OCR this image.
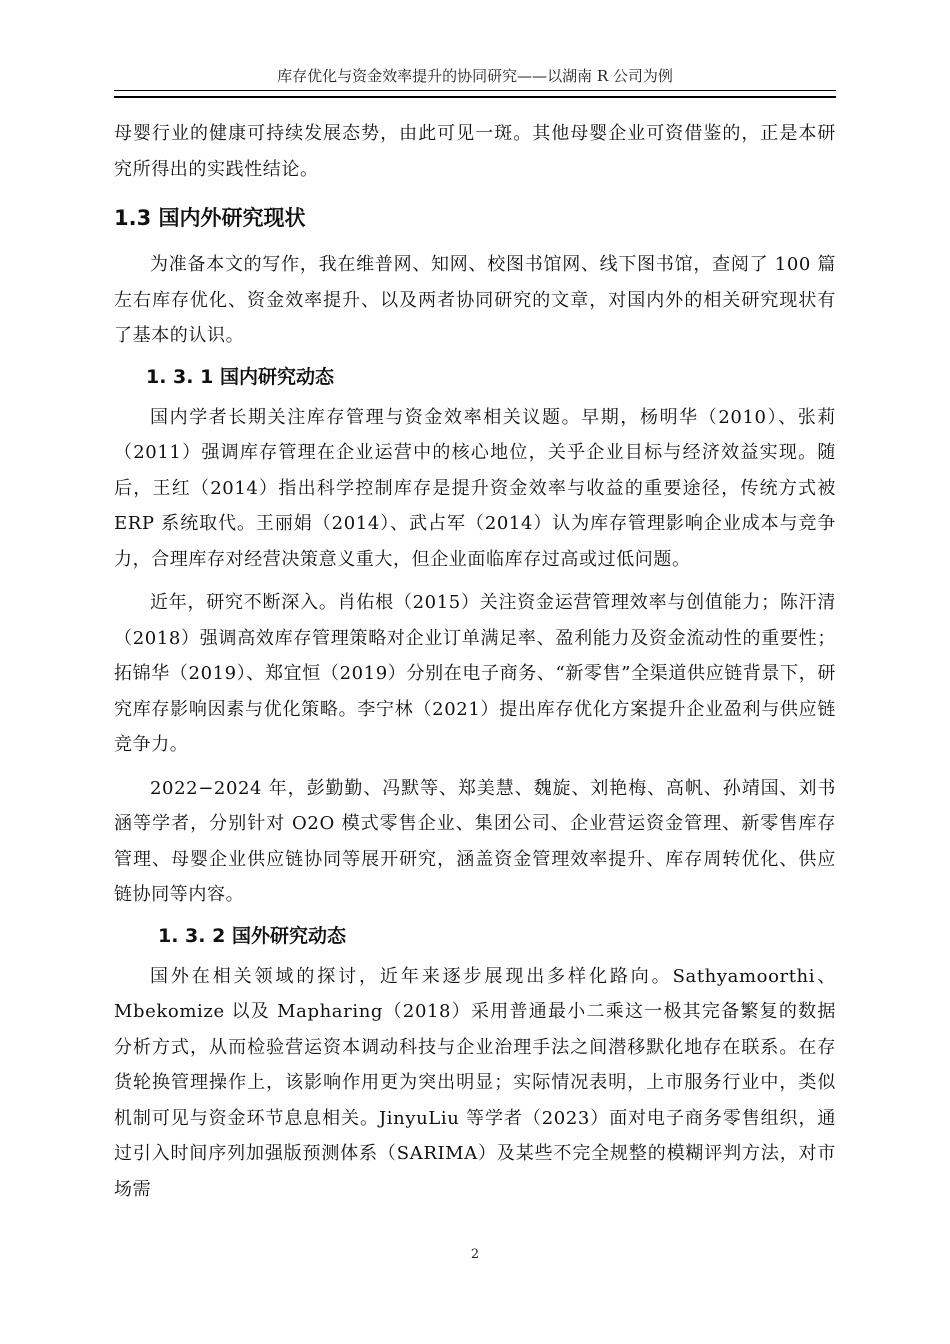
库存优化与资金效率提升的协同研究——以湖南 R 公司为例

母婴行业的健康可持续发展态势，由此可见一斑。其他母婴企业可资借鉴的，正是本研究所得出的实践性结论。

1.3 国内外研究现状

为准备本文的写作，我在维普网、知网、校图书馆网、线下图书馆，查阅了 100 篇左右库存优化、资金效率提升、以及两者协同研究的文章，对国内外的相关研究现状有了基本的认识。

1. 3. 1 国内研究动态

国内学者长期关注库存管理与资金效率相关议题。早期，杨明华（2010）、张莉（2011）强调库存管理在企业运营中的核心地位，关乎企业目标与经济效益实现。随后，王红（2014）指出科学控制库存是提升资金效率与收益的重要途径，传统方式被 ERP 系统取代。王丽娟（2014）、武占军（2014）认为库存管理影响企业成本与竞争力，合理库存对经营决策意义重大，但企业面临库存过高或过低问题。

近年，研究不断深入。肖佑根（2015）关注资金运营管理效率与创值能力；陈汗清（2018）强调高效库存管理策略对企业订单满足率、盈利能力及资金流动性的重要性；拓锦华（2019）、郑宜恒（2019）分别在电子商务、“新零售”全渠道供应链背景下，研究库存影响因素与优化策略。李宁林（2021）提出库存优化方案提升企业盈利与供应链竞争力。

2022−2024 年，彭勤勤、冯默等、郑美慧、魏旋、刘艳梅、高帆、孙靖国、刘书涵等学者，分别针对 O2O 模式零售企业、集团公司、企业营运资金管理、新零售库存管理、母婴企业供应链协同等展开研究，涵盖资金管理效率提升、库存周转优化、供应链协同等内容。

1. 3. 2 国外研究动态

国外在相关领域的探讨，近年来逐步展现出多样化路向。Sathyamoorthi、Mbekomize 以及 Mapharing（2018）采用普通最小二乘这一极其完备繁复的数据分析方式，从而检验营运资本调动科技与企业治理手法之间潜移默化地存在联系。在存货轮换管理操作上，该影响作用更为突出明显；实际情况表明，上市服务行业中，类似机制可见与资金环节息息相关。JinyuLiu 等学者（2023）面对电子商务零售组织，通过引入时间序列加强版预测体系（SARIMA）及某些不完全规整的模糊评判方法，对市场需

2
